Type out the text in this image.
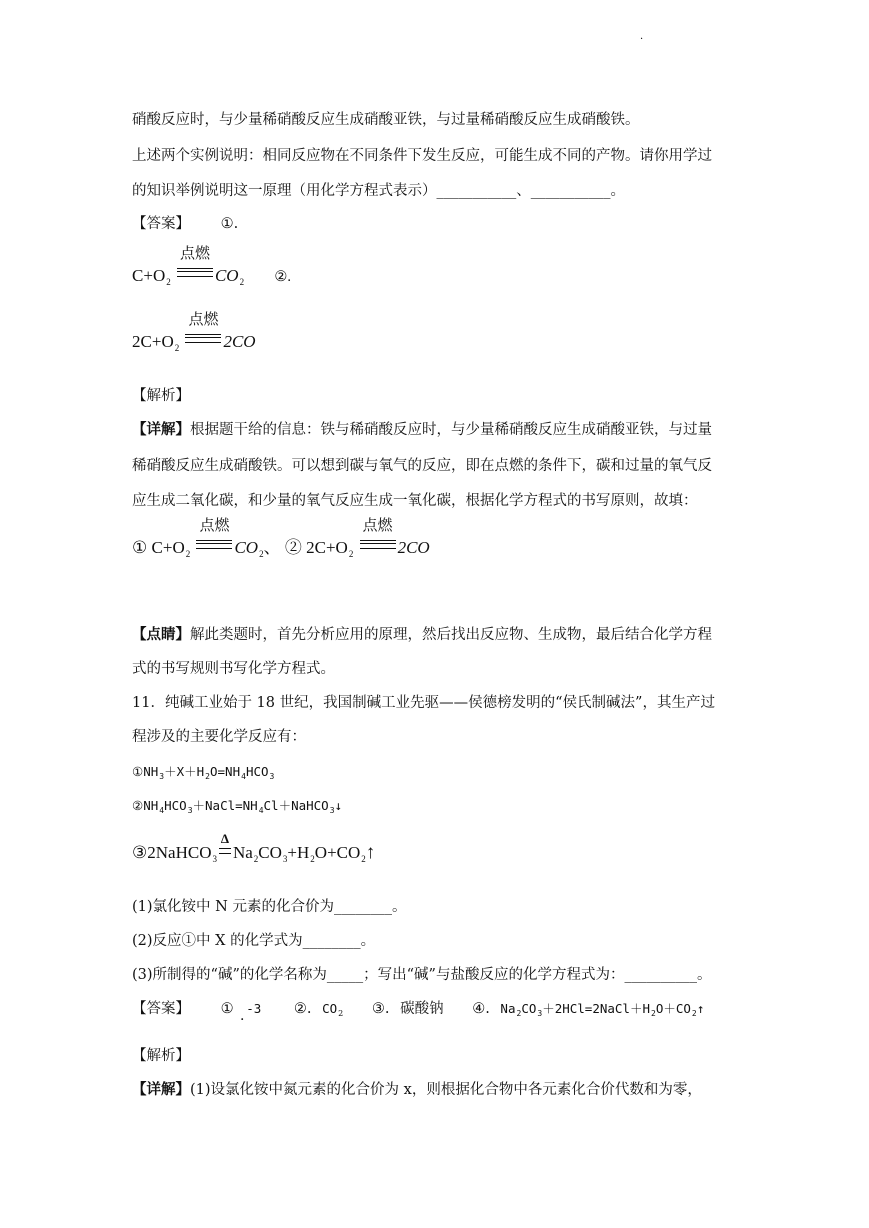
·
硝酸反应时，与少量稀硝酸反应生成硝酸亚铁，与过量稀硝酸反应生成硝酸铁。
上述两个实例说明：相同反应物在不同条件下发生反应，可能生成不同的产物。请你用学过
的知识举例说明这一原理（用化学方程式表示）___________、___________。
【答案】 ①.
$C+O_2$
点燃
$CO_2$ ②.
$2C+O_2$
点燃
2CO
【解析】
【详解】根据题干给的信息：铁与稀硝酸反应时，与少量稀硝酸反应生成硝酸亚铁，与过量
稀硝酸反应生成硝酸铁。可以想到碳与氧气的反应，即在点燃的条件下，碳和过量的氧气反
应生成二氧化碳，和少量的氧气反应生成一氧化碳，根据化学方程式的书写原则，故填：
① $C+O_2$
点燃
$CO_2$、 ② $2C+O_2$
点燃
2CO
【点睛】解此类题时，首先分析应用的原理，然后找出反应物、生成物，最后结合化学方程
式的书写规则书写化学方程式。
11．纯碱工业始于 18 世纪，我国制碱工业先驱——侯德榜发明的“侯氏制碱法”，其生产过
程涉及的主要化学反应有：
$①NH_3+X+H_2O=NH_4HCO_3$
$②NH_4HCO_3+NaCl=NH_4Cl+NaHCO_3↓$
③2NaHCO$_3$
Δ
$Na_2CO_3+H_2O+CO_2↑$
(1)氯化铵中 N 元素的化合价为________。
(2)反应①中 X 的化学式为________。
(3)所制得的“碱”的化学名称为_____；写出“碱”与盐酸反应的化学方程式为：__________。
【答案】 ① -3 ②. $CO_2$ ③. 碳酸钠 ④. $Na_2CO_3+2HCl=2NaCl+H_2O+CO_2↑$
·
【解析】
【详解】(1)设氯化铵中氮元素的化合价为 x，则根据化合物中各元素化合价代数和为零，
